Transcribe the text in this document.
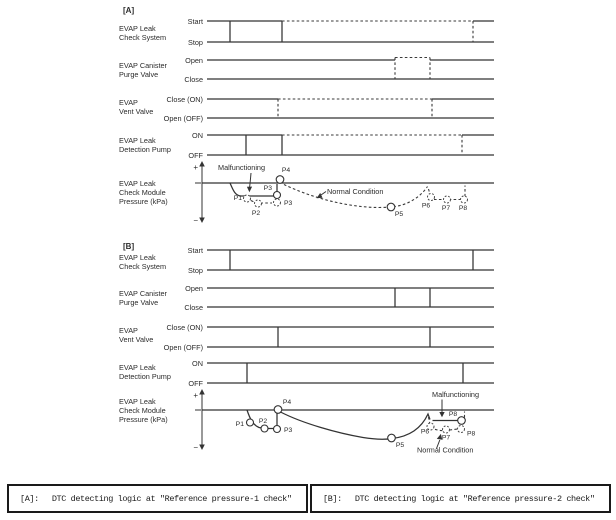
[A]
EVAP Leak
Check System
Start
Stop
EVAP Canister
Purge Valve
Open
Close
EVAP
Vent Valve
Close (ON)
Open (OFF)
EVAP Leak
Detection Pump
ON
OFF
EVAP Leak
Check Module
Pressure (kPa)
+
−
P1
P2
P3
P3
P4
P5
P6 P7 P8
Malfunctioning
Normal Condition
[B]
EVAP Leak
Check System
Start
Stop
EVAP Canister
Purge Valve
Open
Close
EVAP
Vent Valve
Close (ON)
Open (OFF)
EVAP Leak
Detection Pump
ON
OFF
EVAP Leak
Check Module
Pressure (kPa)
+
−
P1 P2
P3
P4
P5
P8
P6
P7
P8
Malfunctioning
Normal Condition
[A]: DTC detecting logic at "Reference pressure-1 check"	[B]: DTC detecting logic at "Reference pressure-2 check"
